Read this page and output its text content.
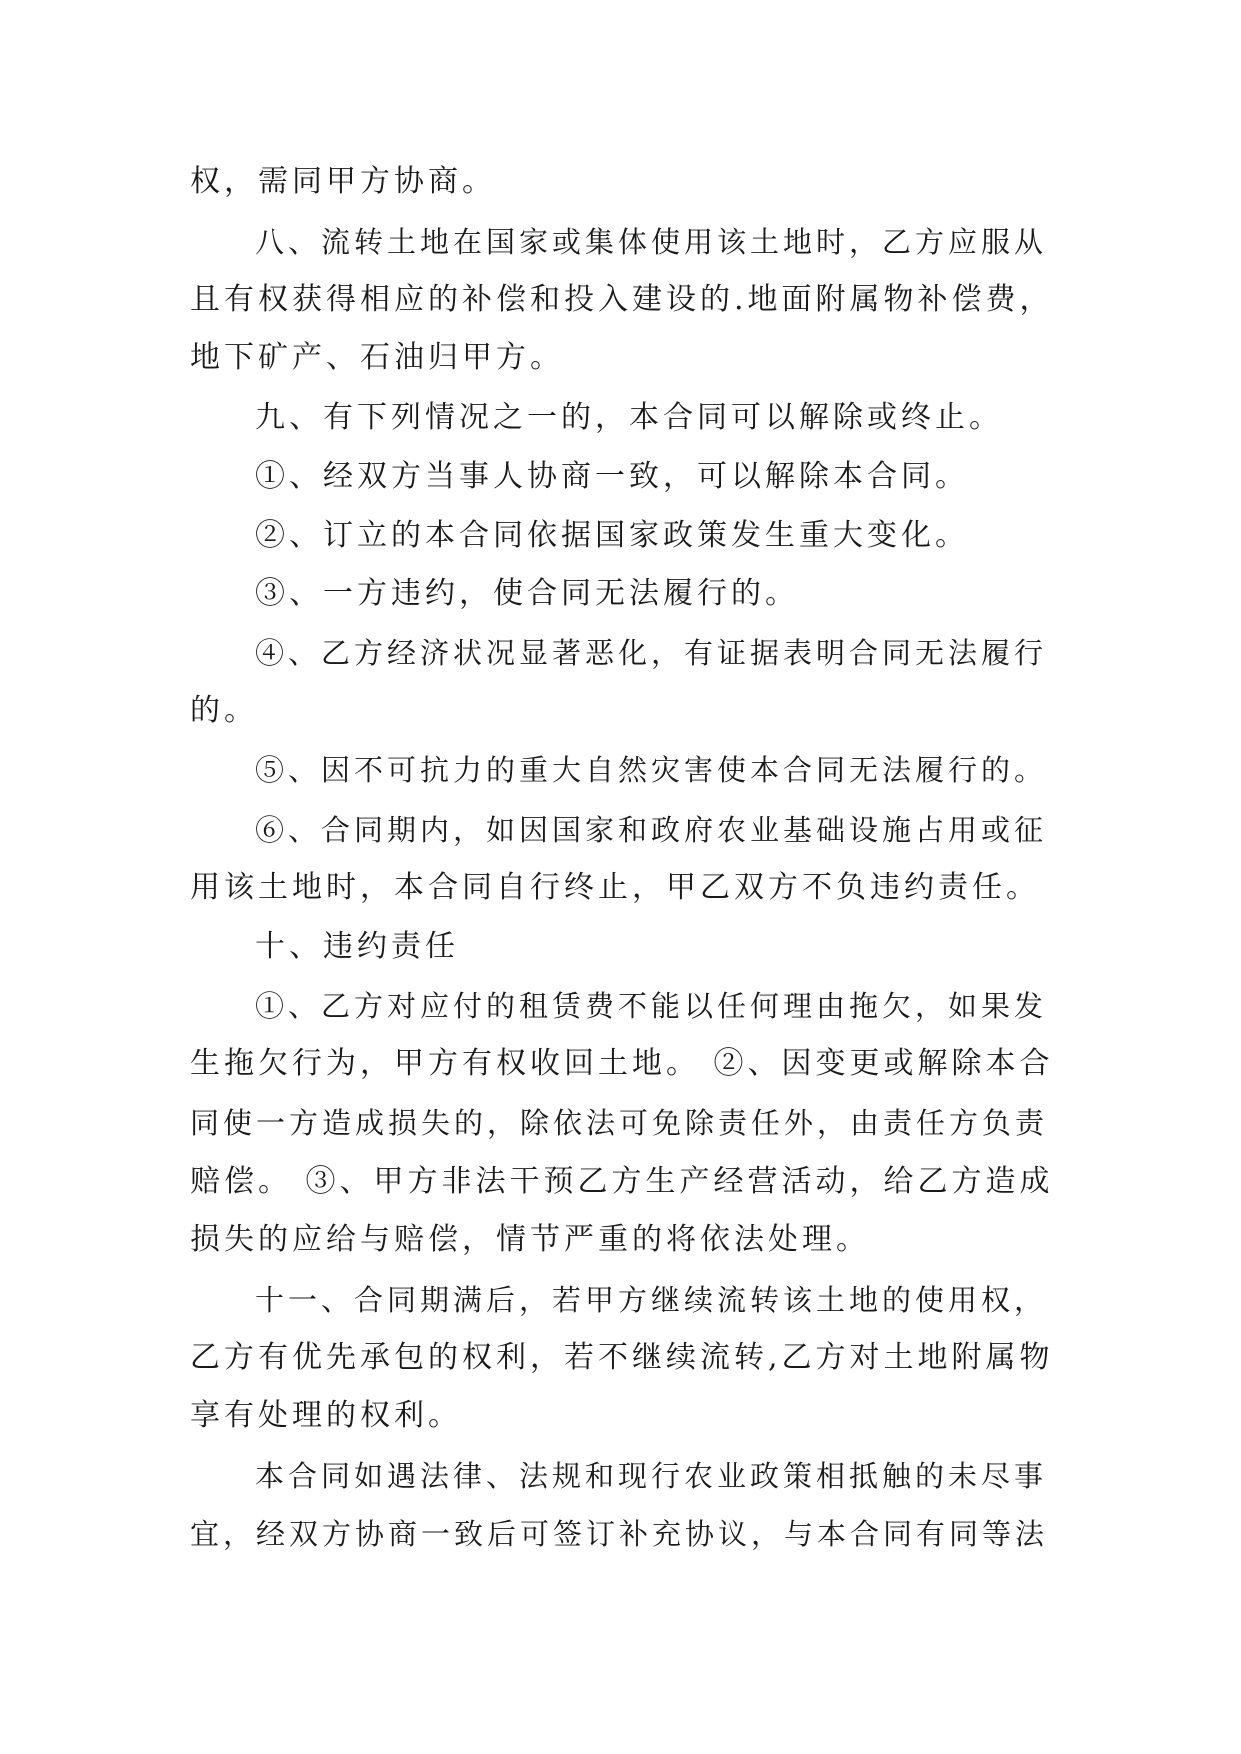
权，需同甲方协商。
八、流转土地在国家或集体使用该土地时，乙方应服从
且有权获得相应的补偿和投入建设的.地面附属物补偿费，
地下矿产、石油归甲方。
九、有下列情况之一的，本合同可以解除或终止。
①、经双方当事人协商一致，可以解除本合同。
②、订立的本合同依据国家政策发生重大变化。
③、一方违约，使合同无法履行的。
④、乙方经济状况显著恶化，有证据表明合同无法履行
的。
⑤、因不可抗力的重大自然灾害使本合同无法履行的。
⑥、合同期内，如因国家和政府农业基础设施占用或征
用该土地时，本合同自行终止，甲乙双方不负违约责任。
十、违约责任
①、乙方对应付的租赁费不能以任何理由拖欠，如果发
生拖欠行为，甲方有权收回土地。 ②、因变更或解除本合
同使一方造成损失的，除依法可免除责任外，由责任方负责
赔偿。 ③、甲方非法干预乙方生产经营活动，给乙方造成
损失的应给与赔偿，情节严重的将依法处理。
十一、合同期满后，若甲方继续流转该土地的使用权，
乙方有优先承包的权利，若不继续流转,乙方对土地附属物
享有处理的权利。
本合同如遇法律、法规和现行农业政策相抵触的未尽事
宜，经双方协商一致后可签订补充协议，与本合同有同等法
